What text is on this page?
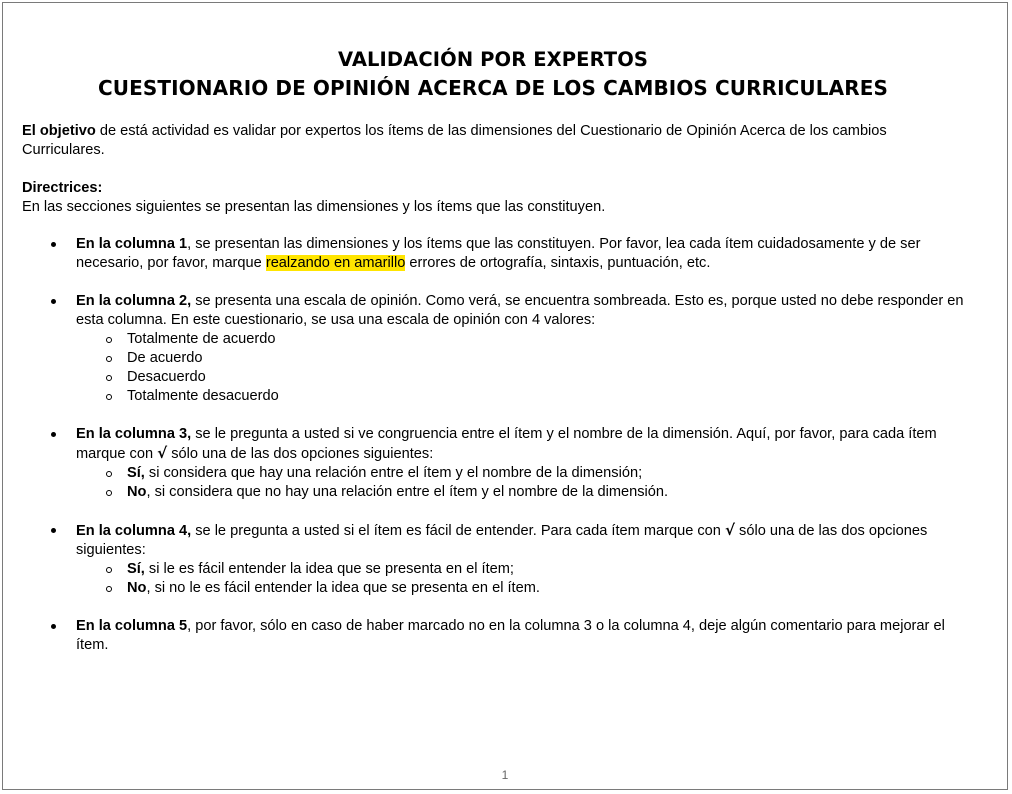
VALIDACIÓN POR EXPERTOS
CUESTIONARIO DE OPINIÓN ACERCA DE LOS CAMBIOS CURRICULARES

El objetivo de está actividad es validar por expertos los ítems de las dimensiones del Cuestionario de Opinión Acerca de los cambios Curriculares.

Directrices:

En las secciones siguientes se presentan las dimensiones y los ítems que las constituyen.

En la columna 1, se presentan las dimensiones y los ítems que las constituyen. Por favor, lea cada ítem cuidadosamente y de ser necesario, por favor, marque realzando en amarillo errores de ortografía, sintaxis, puntuación, etc.
En la columna 2, se presenta una escala de opinión. Como verá, se encuentra sombreada. Esto es, porque usted no debe responder en esta columna. En este cuestionario, se usa una escala de opinión con 4 valores:
Totalmente de acuerdo
De acuerdo
Desacuerdo
Totalmente desacuerdo
En la columna 3, se le pregunta a usted si ve congruencia entre el ítem y el nombre de la dimensión. Aquí, por favor, para cada ítem marque con √ sólo una de las dos opciones siguientes:
Sí, si considera que hay una relación entre el ítem y el nombre de la dimensión;
No, si considera que no hay una relación entre el ítem y el nombre de la dimensión.
En la columna 4, se le pregunta a usted si el ítem es fácil de entender. Para cada ítem marque con √ sólo una de las dos opciones siguientes:
Sí, si le es fácil entender la idea que se presenta en el ítem;
No, si no le es fácil entender la idea que se presenta en el ítem.
En la columna 5, por favor, sólo en caso de haber marcado no en la columna 3 o la columna 4, deje algún comentario para mejorar el ítem.
1
